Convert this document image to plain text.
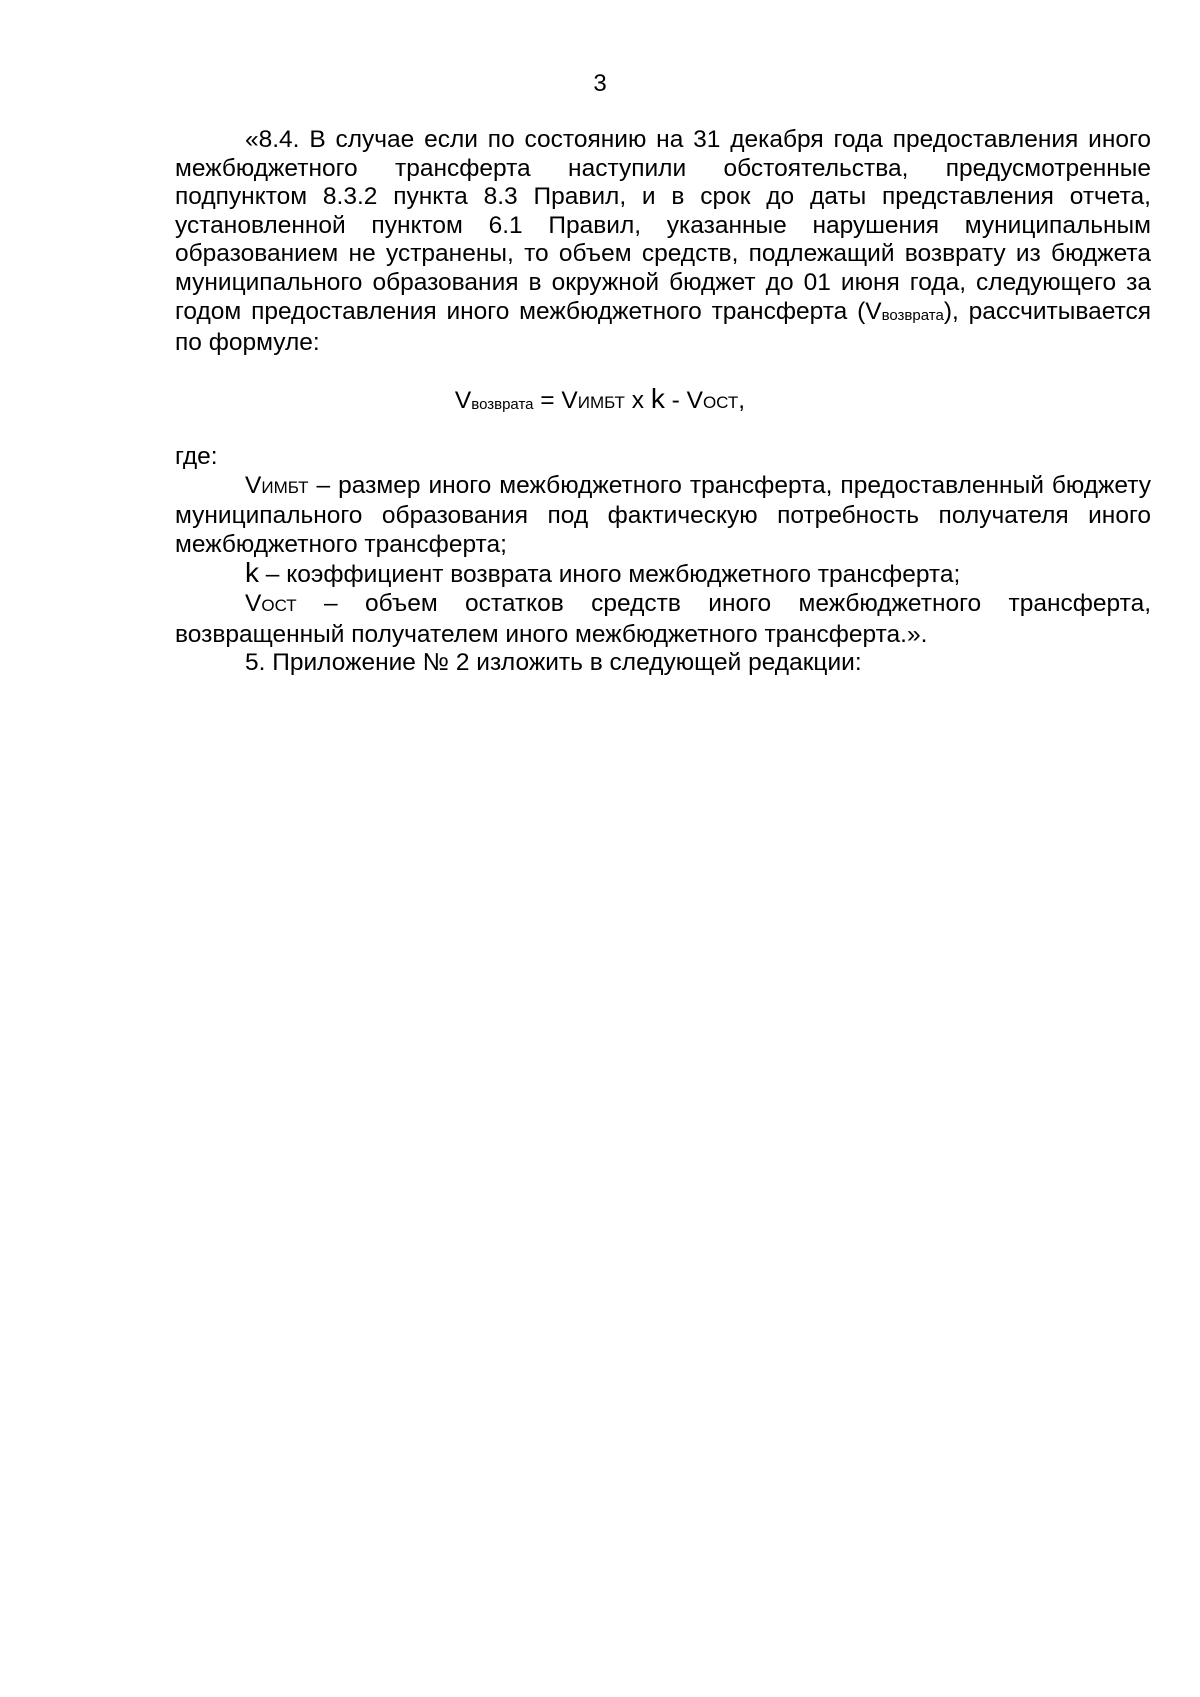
3

«8.4. В случае если по состоянию на 31 декабря года предоставления иного межбюджетного трансферта наступили обстоятельства, предусмотренные подпунктом 8.3.2 пункта 8.3 Правил, и в срок до даты представления отчета, установленной пунктом 6.1 Правил, указанные нарушения муниципальным образованием не устранены, то объем средств, подлежащий возврату из бюджета муниципального образования в окружной бюджет до 01 июня года, следующего за годом предоставления иного межбюджетного трансферта $(V_{возврата})$, рассчитывается по формуле:

$V_{возврата}$ = VИМБТ х k - VОСТ,

где:

VИМБТ – размер иного межбюджетного трансферта, предоставленный бюджету муниципального образования под фактическую потребность получателя иного межбюджетного трансферта;

k – коэффициент возврата иного межбюджетного трансферта;

VОСТ – объем остатков средств иного межбюджетного трансферта, возвращенный получателем иного межбюджетного трансферта.».

5. Приложение № 2 изложить в следующей редакции:
